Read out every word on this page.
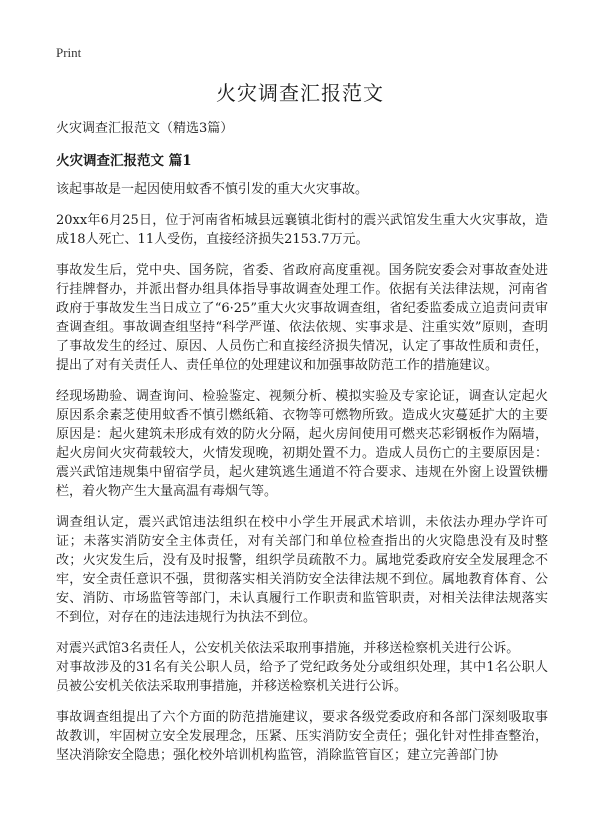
Print
火灾调查汇报范文

火灾调查汇报范文（精选3篇）

火灾调查汇报范文 篇1

该起事故是一起因使用蚊香不慎引发的重大火灾事故。

20xx年6月25日，位于河南省柘城县远襄镇北街村的震兴武馆发生重大火灾事故，造成18人死亡、11人受伤，直接经济损失2153.7万元。

事故发生后，党中央、国务院，省委、省政府高度重视。国务院安委会对事故查处进行挂牌督办，并派出督办组具体指导事故调查处理工作。依据有关法律法规，河南省政府于事故发生当日成立了“6·25”重大火灾事故调查组，省纪委监委成立追责问责审查调查组。事故调查组坚持“科学严谨、依法依规、实事求是、注重实效”原则，查明了事故发生的经过、原因、人员伤亡和直接经济损失情况，认定了事故性质和责任，提出了对有关责任人、责任单位的处理建议和加强事故防范工作的措施建议。

经现场勘验、调查询问、检验鉴定、视频分析、模拟实验及专家论证，调查认定起火原因系余素芝使用蚊香不慎引燃纸箱、衣物等可燃物所致。造成火灾蔓延扩大的主要原因是：起火建筑未形成有效的防火分隔，起火房间使用可燃夹芯彩钢板作为隔墙，起火房间火灾荷载较大，火情发现晚，初期处置不力。造成人员伤亡的主要原因是：震兴武馆违规集中留宿学员，起火建筑逃生通道不符合要求、违规在外窗上设置铁栅栏，着火物产生大量高温有毒烟气等。

调查组认定，震兴武馆违法组织在校中小学生开展武术培训，未依法办理办学许可证；未落实消防安全主体责任，对有关部门和单位检查指出的火灾隐患没有及时整改；火灾发生后，没有及时报警，组织学员疏散不力。属地党委政府安全发展理念不牢，安全责任意识不强，贯彻落实相关消防安全法律法规不到位。属地教育体育、公安、消防、市场监管等部门，未认真履行工作职责和监管职责，对相关法律法规落实不到位，对存在的违法违规行为执法不到位。

对震兴武馆3名责任人，公安机关依法采取刑事措施，并移送检察机关进行公诉。

对事故涉及的31名有关公职人员，给予了党纪政务处分或组织处理，其中1名公职人员被公安机关依法采取刑事措施，并移送检察机关进行公诉。

事故调查组提出了六个方面的防范措施建议，要求各级党委政府和各部门深刻吸取事故教训，牢固树立安全发展理念，压紧、压实消防安全责任；强化针对性排查整治，坚决消除安全隐患；强化校外培训机构监管，消除监管盲区；建立完善部门协
